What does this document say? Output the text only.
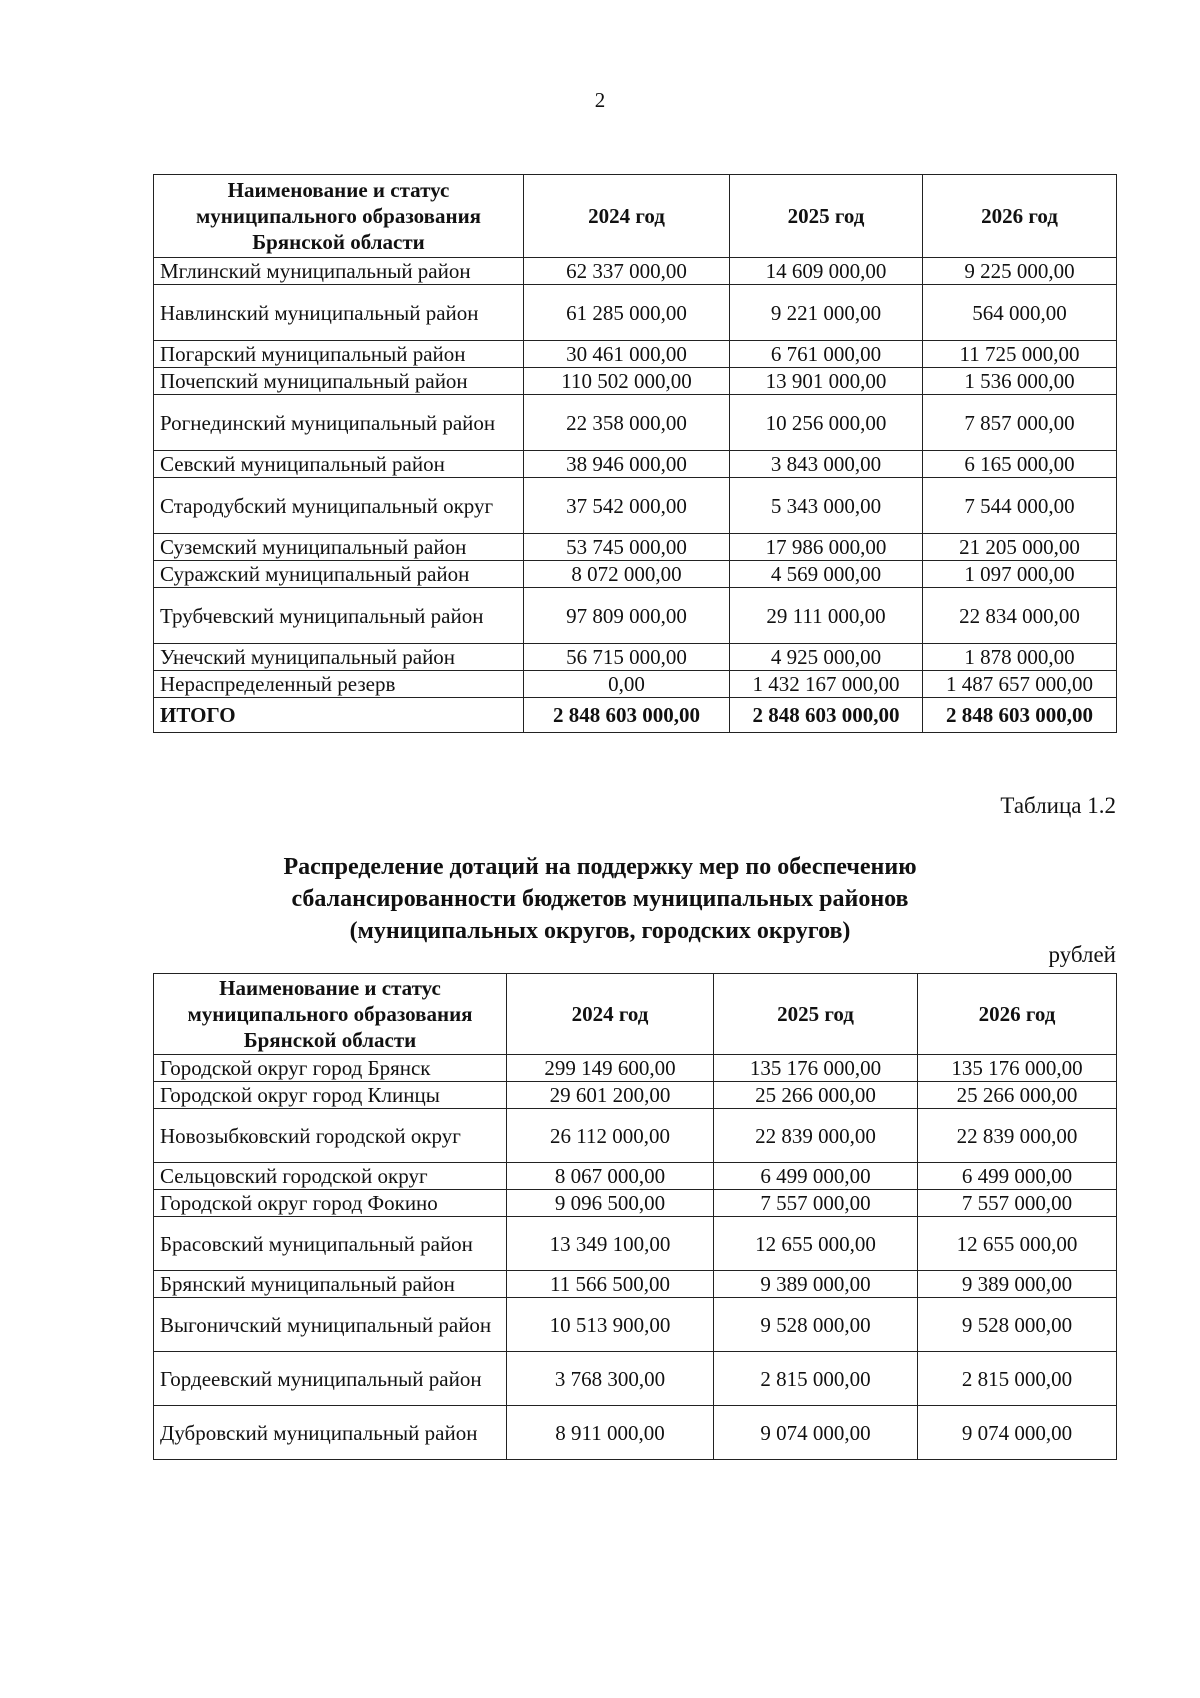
2
Наименование и статус муниципального образования Брянской области	2024 год	2025 год	2026 год
Мглинский муниципальный район	62 337 000,00	14 609 000,00	9 225 000,00
Навлинский муниципальный район	61 285 000,00	9 221 000,00	564 000,00
Погарский муниципальный район	30 461 000,00	6 761 000,00	11 725 000,00
Почепский муниципальный район	110 502 000,00	13 901 000,00	1 536 000,00
Рогнединский муниципальный район	22 358 000,00	10 256 000,00	7 857 000,00
Севский муниципальный район	38 946 000,00	3 843 000,00	6 165 000,00
Стародубский муниципальный округ	37 542 000,00	5 343 000,00	7 544 000,00
Суземский муниципальный район	53 745 000,00	17 986 000,00	21 205 000,00
Суражский муниципальный район	8 072 000,00	4 569 000,00	1 097 000,00
Трубчевский муниципальный район	97 809 000,00	29 111 000,00	22 834 000,00
Унечский муниципальный район	56 715 000,00	4 925 000,00	1 878 000,00
Нераспределенный резерв	0,00	1 432 167 000,00	1 487 657 000,00
ИТОГО	2 848 603 000,00	2 848 603 000,00	2 848 603 000,00
Таблица 1.2
Распределение дотаций на поддержку мер по обеспечению
сбалансированности бюджетов муниципальных районов
(муниципальных округов, городских округов)
рублей
Наименование и статус муниципального образования Брянской области	2024 год	2025 год	2026 год
Городской округ город Брянск	299 149 600,00	135 176 000,00	135 176 000,00
Городской округ город Клинцы	29 601 200,00	25 266 000,00	25 266 000,00
Новозыбковский городской округ	26 112 000,00	22 839 000,00	22 839 000,00
Сельцовский городской округ	8 067 000,00	6 499 000,00	6 499 000,00
Городской округ город Фокино	9 096 500,00	7 557 000,00	7 557 000,00
Брасовский муниципальный район	13 349 100,00	12 655 000,00	12 655 000,00
Брянский муниципальный район	11 566 500,00	9 389 000,00	9 389 000,00
Выгоничский муниципальный район	10 513 900,00	9 528 000,00	9 528 000,00
Гордеевский муниципальный район	3 768 300,00	2 815 000,00	2 815 000,00
Дубровский муниципальный район	8 911 000,00	9 074 000,00	9 074 000,00
